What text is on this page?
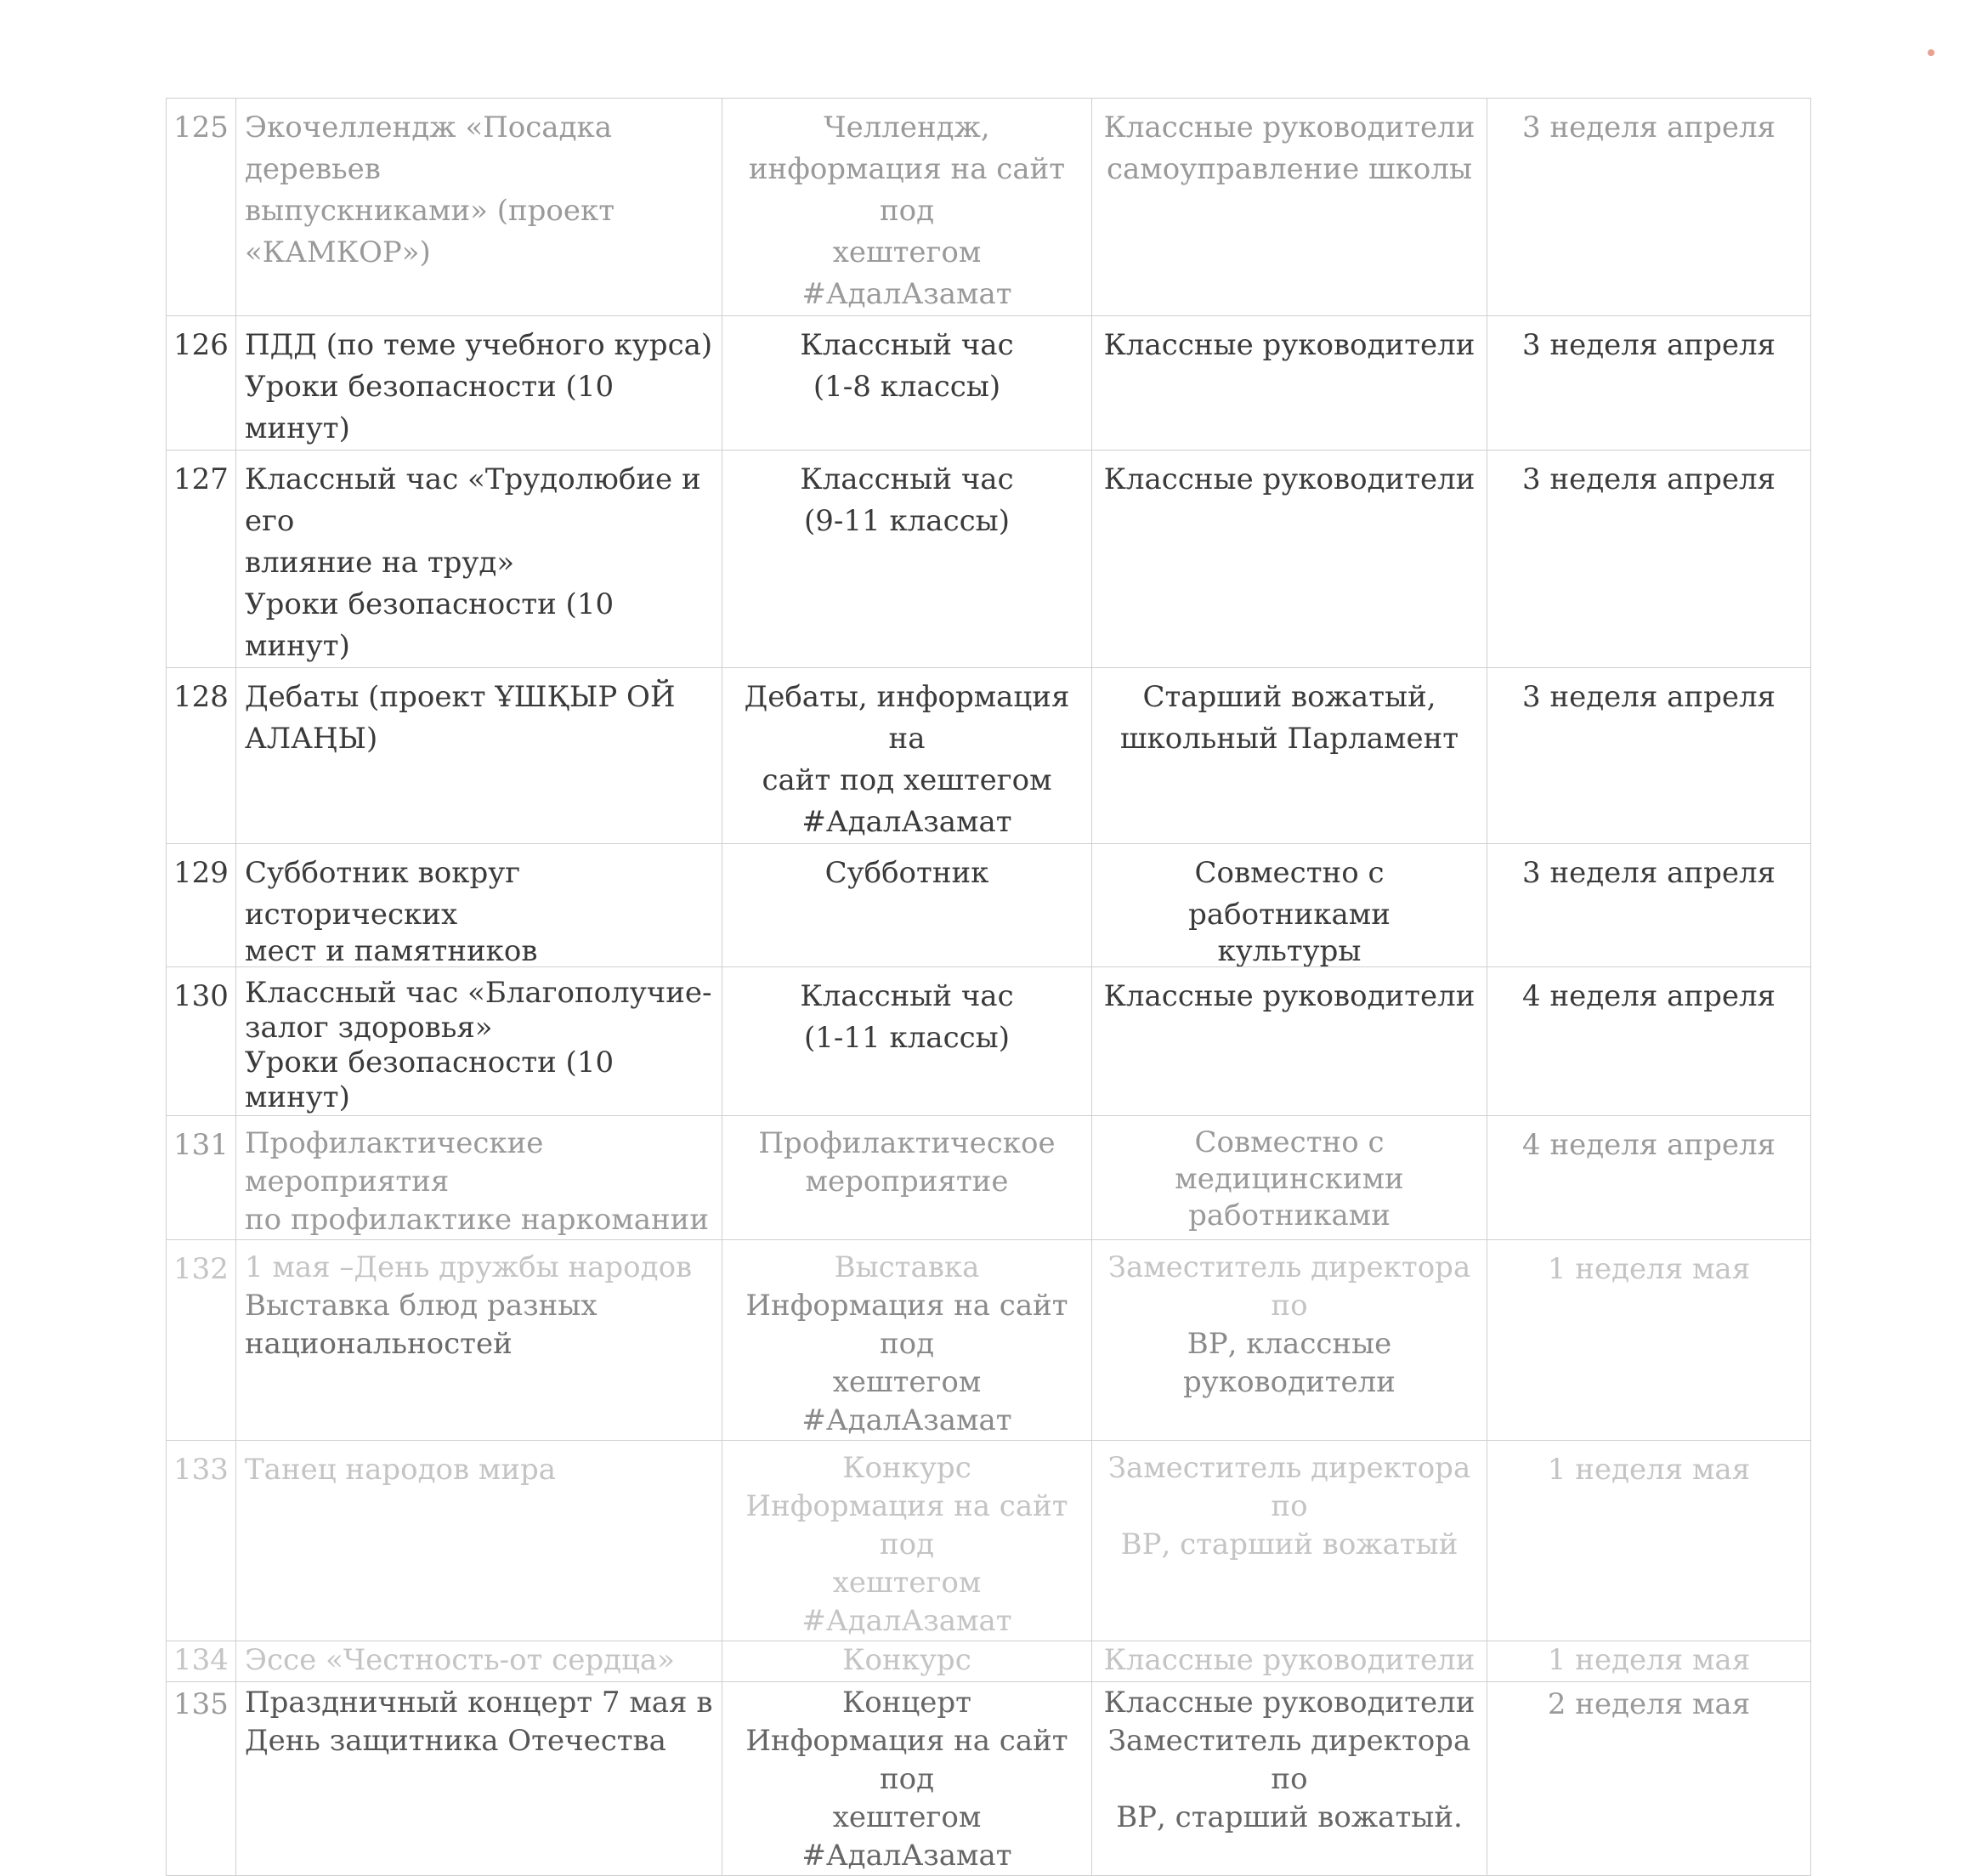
125	Экочеллендж «Посадка деревьев
выпускниками» (проект
«КАМКОР»)	Челлендж,
информация на сайт под
хештегом #АдалАзамат	Классные руководители
самоуправление школы	3 неделя апреля
126	ПДД (по теме учебного курса)
Уроки безопасности (10 минут)	Классный час
(1-8 классы)	Классные руководители	3 неделя апреля
127	Классный час «Трудолюбие и его
влияние на труд»
Уроки безопасности (10 минут)	Классный час
(9-11 классы)	Классные руководители	3 неделя апреля
128	Дебаты (проект ҰШҚЫР ОЙ
АЛАҢЫ)	Дебаты, информация на
сайт под хештегом
#АдалАзамат	Старший вожатый,
школьный Парламент	3 неделя апреля
129	Субботник вокруг исторических
мест и памятников	Субботник	Совместно с работниками
культуры	3 неделя апреля
130	Классный час «Благополучие-
залог здоровья»
Уроки безопасности (10 минут)	Классный час
(1-11 классы)	Классные руководители	4 неделя апреля
131	Профилактические мероприятия
по профилактике наркомании	Профилактическое
мероприятие	Совместно с
медицинскими
работниками	4 неделя апреля
132	1 мая –День дружбы народов
Выставка блюд разных
национальностей	Выставка
Информация на сайт под
хештегом #АдалАзамат	Заместитель директора по
ВР, классные
руководители	1 неделя мая
133	Танец народов мира	Конкурс
Информация на сайт под
хештегом #АдалАзамат	Заместитель директора по
ВР, старший вожатый	1 неделя мая
134	Эссе «Честность-от сердца»	Конкурс	Классные руководители	1 неделя мая
135	Праздничный концерт 7 мая в
День защитника Отечества	Концерт
Информация на сайт под
хештегом #АдалАзамат	Классные руководители
Заместитель директора по
ВР, старший вожатый.	2 неделя мая
